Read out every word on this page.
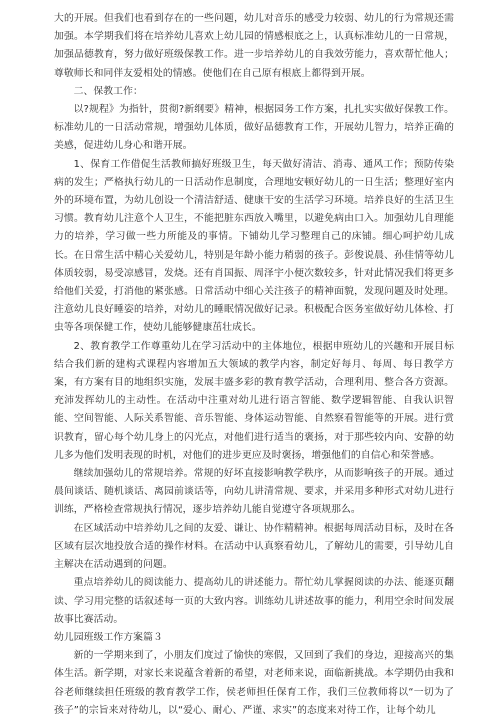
大的开展。但我们也看到存在的一些问题，幼儿对音乐的感受力较弱、幼儿的行为常规还需加强。本学期我们将在培养幼儿喜欢上幼儿园的情感根底之上，认真标准幼儿的一日常规，加强品德教育，努力做好班级保教工作。进一步培养幼儿的自我效劳能力，喜欢帮忙他人；尊敬师长和同伴友爱相处的情感。使他们在自己原有根底上都得到开展。

二、保教工作：

以?规程》为指针，贯彻?新纲要》精神，根据园务工作方案，扎扎实实做好保教工作。标准幼儿的一日活动常规，增强幼儿体质，做好品德教育工作，开展幼儿智力，培养正确的美感，促进幼儿身心和谐开展。

1、保育工作借促生活教师搞好班级卫生，每天做好清洁、消毒、通风工作；预防传染病的发生；严格执行幼儿的一日活动作息制度，合理地安顿好幼儿的一日生活；整理好室内外的环境布置，为幼儿创设一个清洁舒适、健康干安的生活学习环境。培养良好的生活卫生习惯。教育幼儿注意个人卫生，不能把脏东西放入嘴里，以避免病由口入。加强幼儿自理能力的培养，学习做一些力所能及的事情。下铺幼儿学习整理自己的床铺。细心呵护幼儿成长。在日常生活中精心关爱幼儿，特别是年龄小能力稍弱的孩子。彭俊说晨、孙佳情等幼儿体质较弱，易受凉感冒，发烧。还有肖国振、周泽宇小便次数较多，针对此情况我们将更多给他们关爱，打消他的紧张感。日常活动中细心关注孩子的精神面貌，发现问题及时处理。注意幼儿良好睡姿的培养，对幼儿的睡眠情况做好记录。积极配合医务室做好幼儿体检、打虫等各项保健工作，使幼儿能够健康茁壮成长。

2、教育教学工作尊重幼儿在学习活动中的主体地位，根据申班幼儿的兴趣和开展目标结合我们新的建构式课程内容增加五大领域的教学内容，制定好每月、每周、每日教学方案，有方案有目的地组织实施，发展丰盛多彩的教育教学活动，合理利用、整合各方资源。充沛发挥幼儿的主动性。在活动中注重对幼儿进行语言智能、数学逻辑智能、自我认识智能、空间智能、人际关系智能、音乐智能、身体运动智能、自然察看智能等的开展。进行赏识教育，留心每个幼儿身上的闪光点，对他们进行适当的褒扬，对于那些较内向、安静的幼儿多为他们发明表现的时机，对他们的进步更应及时褒扬，增强他们的自信心和荣誉感。

继续加强幼儿的常规培养。常规的好坏直接影响教学秩序，从而影响孩子的开展。通过晨间谈话、随机谈话、离园前谈话等，向幼儿讲清常规、要求，并采用多种形式对幼儿进行训练，严格检查常规执行情况，逐步培养幼儿能自觉遵守各项规那么。

在区域活动中培养幼儿之间的友爱、谦让、协作精精神。根据每周活动目标，及时在各区域有层次地投放合适的操作材料。在活动中认真察看幼儿，了解幼儿的需要，引导幼儿自主解决在活动遇到的问题。

重点培养幼儿的阅读能力、提高幼儿的讲述能力。帮忙幼儿掌握阅读的办法、能逐页翻读、学习用完整的话叙述每一页的大致内容。训练幼儿讲述故事的能力，利用空余时间发展故事比赛活动。

幼儿园班级工作方案篇３

新的一学期来到了，小朋友们度过了愉快的寒假，又回到了我们的身边，迎接高兴的集体生活。新学期，对家长来说蕴含着新的希望，对老师来说，面临新挑战。本学期仍由我和谷老师继续担任班级的教育教学工作，侯老师担任保育工作，我们三位教师将以“一切为了孩子”的宗旨来对待幼儿，以“爱心、耐心、严谨、求实”的态度来对待工作，让每个幼儿
